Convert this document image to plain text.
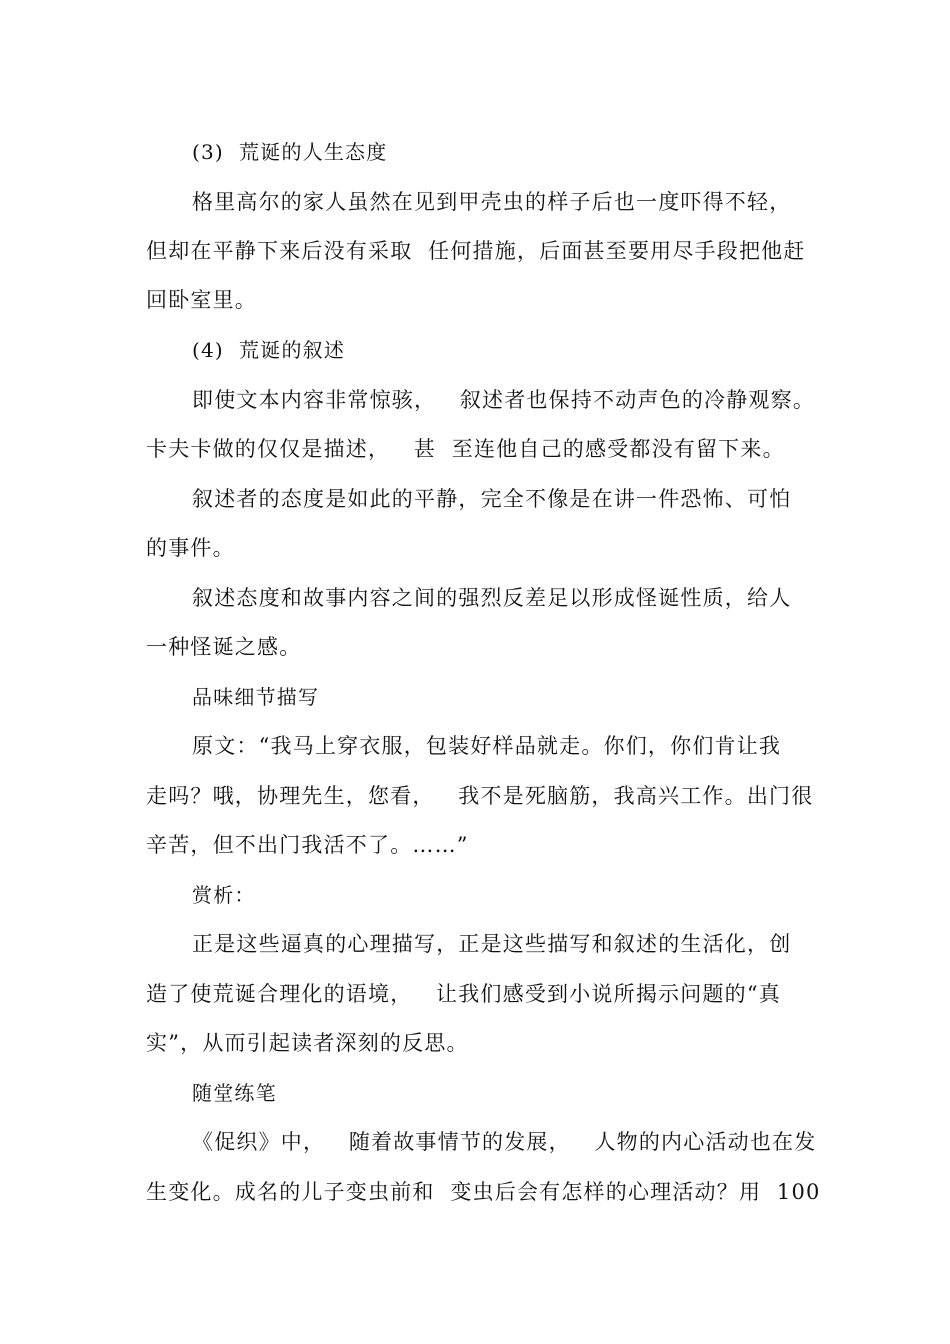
(3)  荒诞的人生态度
格里高尔的家人虽然在见到甲壳虫的样子后也一度吓得不轻，
但却在平静下来后没有采取  任何措施，后面甚至要用尽手段把他赶
回卧室里。
(4)  荒诞的叙述
即使文本内容非常惊骇，   叙述者也保持不动声色的冷静观察。
卡夫卡做的仅仅是描述，   甚  至连他自己的感受都没有留下来。
叙述者的态度是如此的平静，完全不像是在讲一件恐怖、可怕
的事件。
叙述态度和故事内容之间的强烈反差足以形成怪诞性质，给人
一种怪诞之感。
品味细节描写
原文：“我马上穿衣服，包装好样品就走。你们，你们肯让我
走吗？哦，协理先生，您看，   我不是死脑筋，我高兴工作。出门很
辛苦，但不出门我活不了。……”
赏析：
正是这些逼真的心理描写，正是这些描写和叙述的生活化，创
造了使荒诞合理化的语境，   让我们感受到小说所揭示问题的“真
实”，从而引起读者深刻的反思。
随堂练笔
《促织》中，   随着故事情节的发展，   人物的内心活动也在发
生变化。成名的儿子变虫前和  变虫后会有怎样的心理活动？用  100
